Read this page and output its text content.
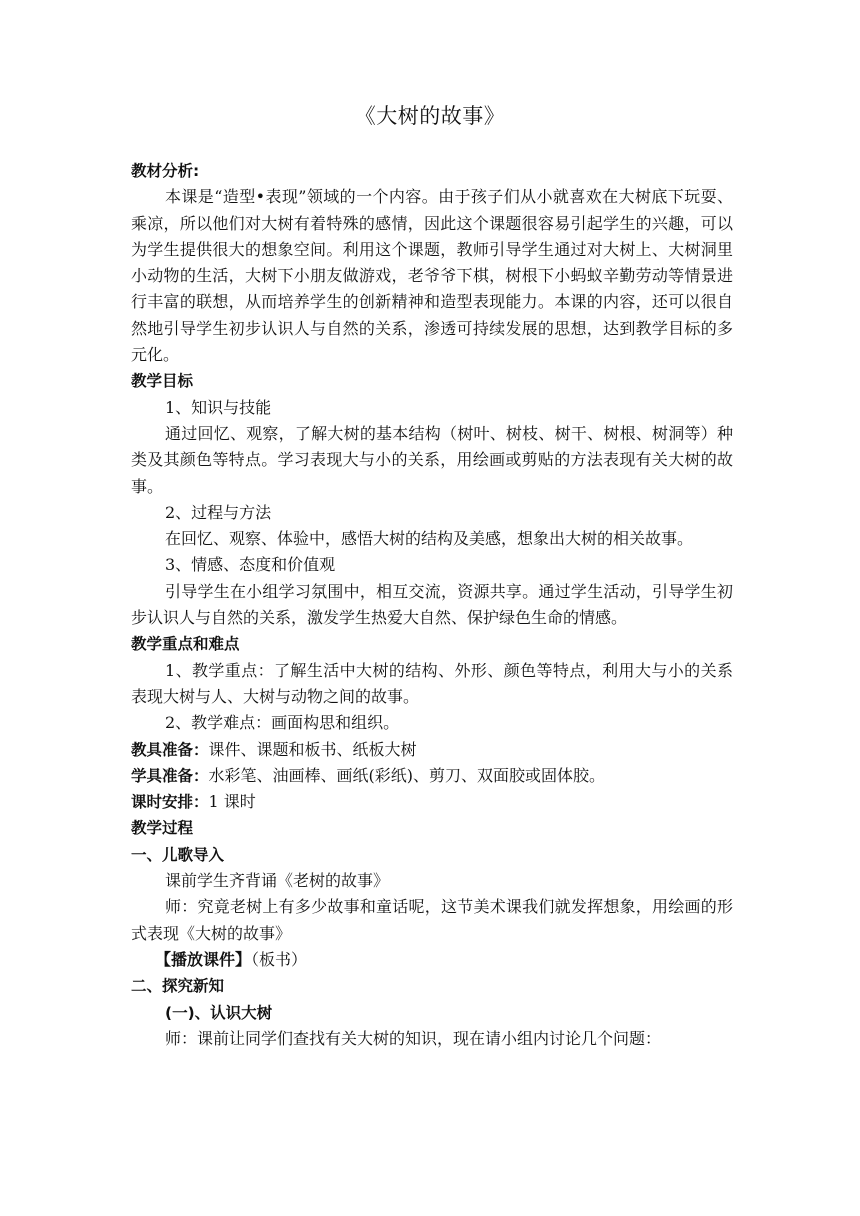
《大树的故事》

教材分析:

本课是“造型•表现”领域的一个内容。由于孩子们从小就喜欢在大树底下玩耍、乘凉，所以他们对大树有着特殊的感情，因此这个课题很容易引起学生的兴趣，可以为学生提供很大的想象空间。利用这个课题，教师引导学生通过对大树上、大树洞里小动物的生活，大树下小朋友做游戏，老爷爷下棋，树根下小蚂蚁辛勤劳动等情景进行丰富的联想，从而培养学生的创新精神和造型表现能力。本课的内容，还可以很自然地引导学生初步认识人与自然的关系，渗透可持续发展的思想，达到教学目标的多元化。

教学目标

1、知识与技能

通过回忆、观察，了解大树的基本结构（树叶、树枝、树干、树根、树洞等）种类及其颜色等特点。学习表现大与小的关系，用绘画或剪贴的方法表现有关大树的故事。

2、过程与方法

在回忆、观察、体验中，感悟大树的结构及美感，想象出大树的相关故事。

3、情感、态度和价值观

引导学生在小组学习氛围中，相互交流，资源共享。通过学生活动，引导学生初步认识人与自然的关系，激发学生热爱大自然、保护绿色生命的情感。

教学重点和难点

1、教学重点：了解生活中大树的结构、外形、颜色等特点，利用大与小的关系表现大树与人、大树与动物之间的故事。

2、教学难点：画面构思和组织。

教具准备：课件、课题和板书、纸板大树

学具准备：水彩笔、油画棒、画纸(彩纸)、剪刀、双面胶或固体胶。

课时安排：1 课时

教学过程

一、儿歌导入

课前学生齐背诵《老树的故事》

师：究竟老树上有多少故事和童话呢，这节美术课我们就发挥想象，用绘画的形式表现《大树的故事》

【播放课件】（板书）

二、探究新知

(一)、认识大树

师：课前让同学们查找有关大树的知识，现在请小组内讨论几个问题：
